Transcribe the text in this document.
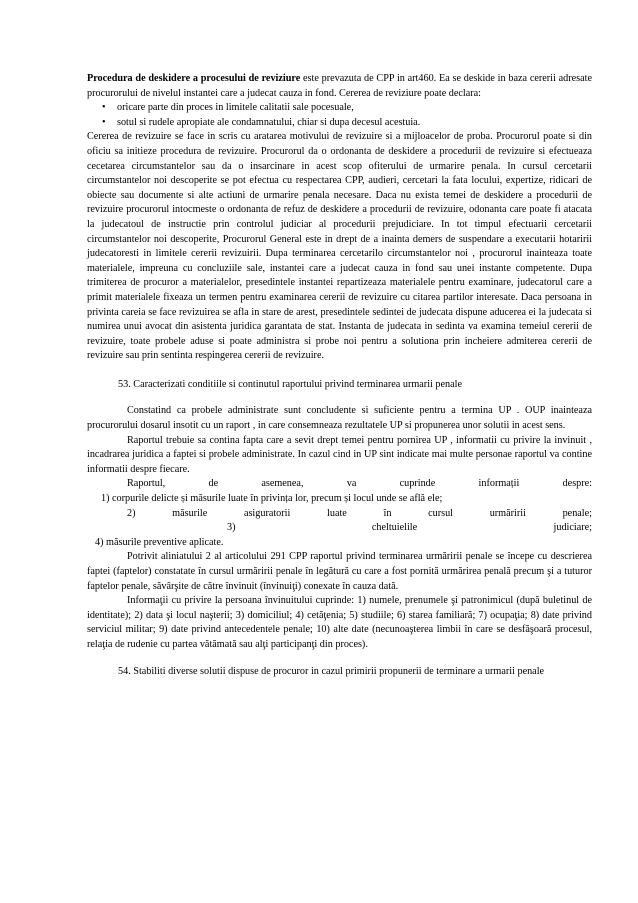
Procedura de deskidere a procesului de reviziure este prevazuta de CPP in art460. Ea se deskide in baza cererii adresate procurorului de nivelul instantei care a judecat cauza in fond. Cererea de reviziure poate declara:

• oricare parte din proces in limitele calitatii sale pocesuale,
• sotul si rudele apropiate ale condamnatului, chiar si dupa decesul acestuia.

Cererea de revizuire se face in scris cu aratarea motivului de revizuire si a mijloacelor de proba. Procurorul poate si din oficiu sa initieze procedura de revizuire. Procurorul da o ordonanta de deskidere a procedurii de revizuire si efectueaza cecetarea circumstantelor sau da o insarcinare in acest scop ofiterului de urmarire penala. In cursul cercetarii circumstantelor noi descoperite se pot efectua cu respectarea CPP, audieri, cercetari la fata locului, expertize, ridicari de obiecte sau documente si alte actiuni de urmarire penala necesare. Daca nu exista temei de deskidere a procedurii de revizuire procurorul intocmeste o ordonanta de refuz de deskidere a procedurii de revizuire, odonanta care poate fi atacata la judecatoul de instructie prin controlul judiciar al procedurii prejudiciare. In tot timpul efectuarii cercetarii circumstantelor noi descoperite, Procurorul General este in drept de a inainta demers de suspendare a executarii hotaririi judecatoresti in limitele cererii revizuirii. Dupa terminarea cercetarilo circumstantelor noi , procurorul inainteaza toate materialele, impreuna cu concluziile sale, instantei care a judecat cauza in fond sau unei instante competente. Dupa trimiterea de procuror a materialelor, presedintele instantei repartizeaza materialele pentru examinare, judecatorul care a primit materialele fixeaza un termen pentru examinarea cererii de revizuire cu citarea partilor interesate. Daca persoana in privinta careia se face revizuirea se afla in stare de arest, presedintele sedintei de judecata dispune aducerea ei la judecata si numirea unui avocat din asistenta juridica garantata de stat. Instanta de judecata in sedinta va examina temeiul cererii de revizuire, toate probele aduse si poate administra si probe noi pentru a solutiona prin incheiere admiterea cererii de revizuire sau prin sentinta respingerea cererii de revizuire.

53. Caracterizati conditiile si continutul raportului privind terminarea urmarii penale

Constatind ca probele administrate sunt concludente si suficiente pentru a termina UP . OUP inainteaza procurorului dosarul insotit cu un raport , in care consemneaza rezultatele UP si propunerea unor solutii in acest sens.

Raportul trebuie sa contina fapta care a sevit drept temei pentru pornirea UP , informatii cu privire la invinuit , incadrarea juridica a faptei si probele administrate. In cazul cind in UP sint indicate mai multe personae raportul va contine informatii despre fiecare.

Raportul, de asemenea, va cuprinde informații despre:

1) corpurile delicte și măsurile luate în privința lor, precum și locul unde se află ele;

2)	măsurile	asiguratorii	luate	în	cursul	urmăririi	penale;

3)	cheltuielile	judiciare;

4) măsurile preventive aplicate.

Potrivit aliniatului 2 al articolului 291 CPP raportul privind terminarea urmăririi penale se începe cu descrierea faptei (faptelor) constatate în cursul urmăririi penale în legătură cu care a fost pornită urmărirea penală precum şi a tuturor faptelor penale, săvârşite de către învinuit (învinuiţi) conexate în cauza dată.

Informaţii cu privire la persoana învinuitului cuprinde: 1) numele, prenumele şi patronimicul (după buletinul de identitate); 2) data şi locul naşterii; 3) domiciliul; 4) cetăţenia; 5) studiile; 6) starea familiară; 7) ocupaţia; 8) date privind serviciul militar; 9) date privind antecedentele penale; 10) alte date (necunoaşterea limbii în care se desfăşoară procesul, relaţia de rudenie cu partea vătămată sau alţi participanţi din proces).

54. Stabiliti diverse solutii dispuse de procuror in cazul primirii propunerii de terminare a urmarii penale
